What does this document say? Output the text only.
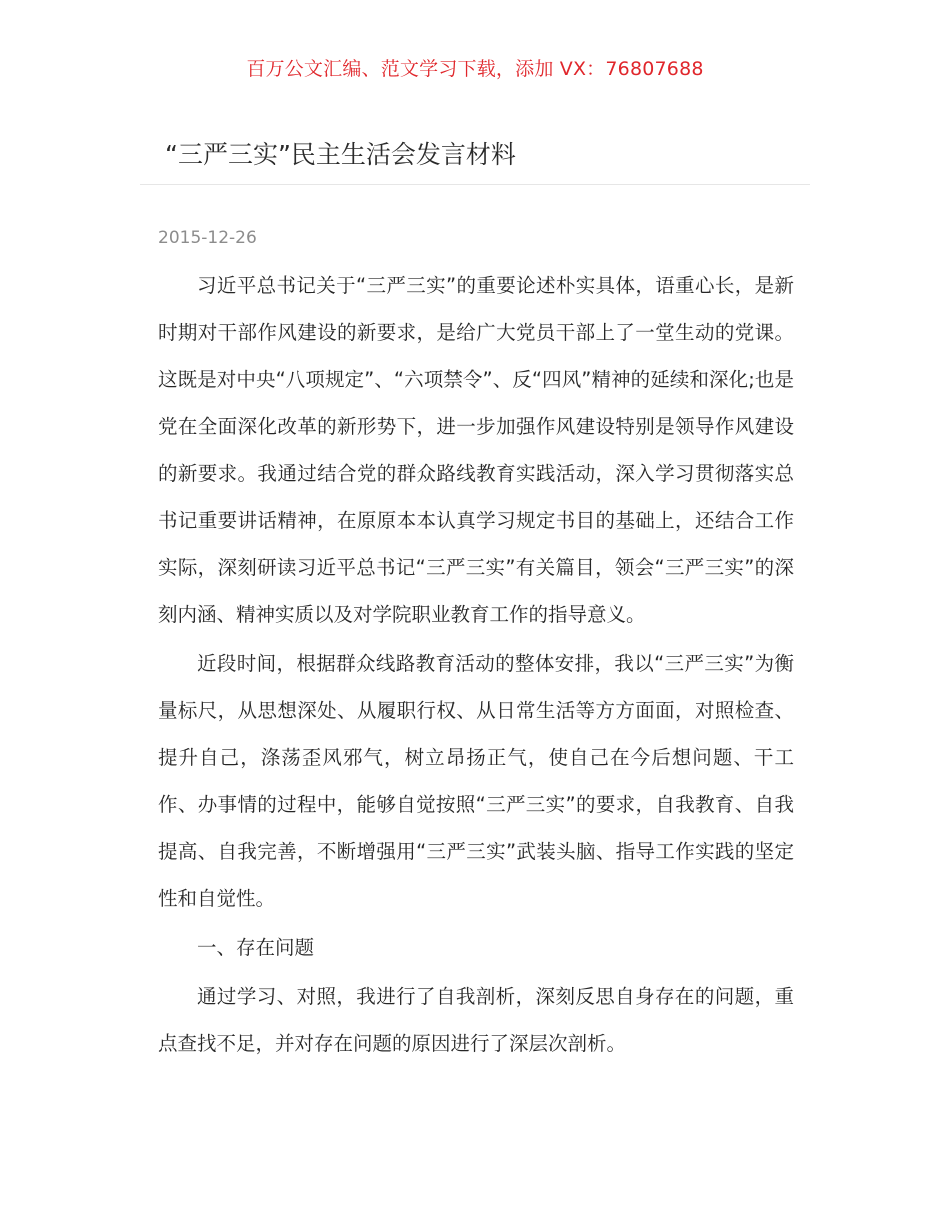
百万公文汇编、范文学习下载，添加 VX：76807688
“三严三实”民主生活会发言材料
2015-12-26

习近平总书记关于“三严三实”的重要论述朴实具体，语重心长，是新时期对干部作风建设的新要求，是给广大党员干部上了一堂生动的党课。这既是对中央“八项规定”、“六项禁令”、反“四风”精神的延续和深化;也是党在全面深化改革的新形势下，进一步加强作风建设特别是领导作风建设的新要求。我通过结合党的群众路线教育实践活动，深入学习贯彻落实总书记重要讲话精神，在原原本本认真学习规定书目的基础上，还结合工作实际，深刻研读习近平总书记“三严三实”有关篇目，领会“三严三实”的深刻内涵、精神实质以及对学院职业教育工作的指导意义。

近段时间，根据群众线路教育活动的整体安排，我以“三严三实”为衡量标尺，从思想深处、从履职行权、从日常生活等方方面面，对照检查、提升自己，涤荡歪风邪气，树立昂扬正气，使自己在今后想问题、干工作、办事情的过程中，能够自觉按照“三严三实”的要求，自我教育、自我提高、自我完善，不断增强用“三严三实”武装头脑、指导工作实践的坚定性和自觉性。

一、存在问题

通过学习、对照，我进行了自我剖析，深刻反思自身存在的问题，重点查找不足，并对存在问题的原因进行了深层次剖析。
